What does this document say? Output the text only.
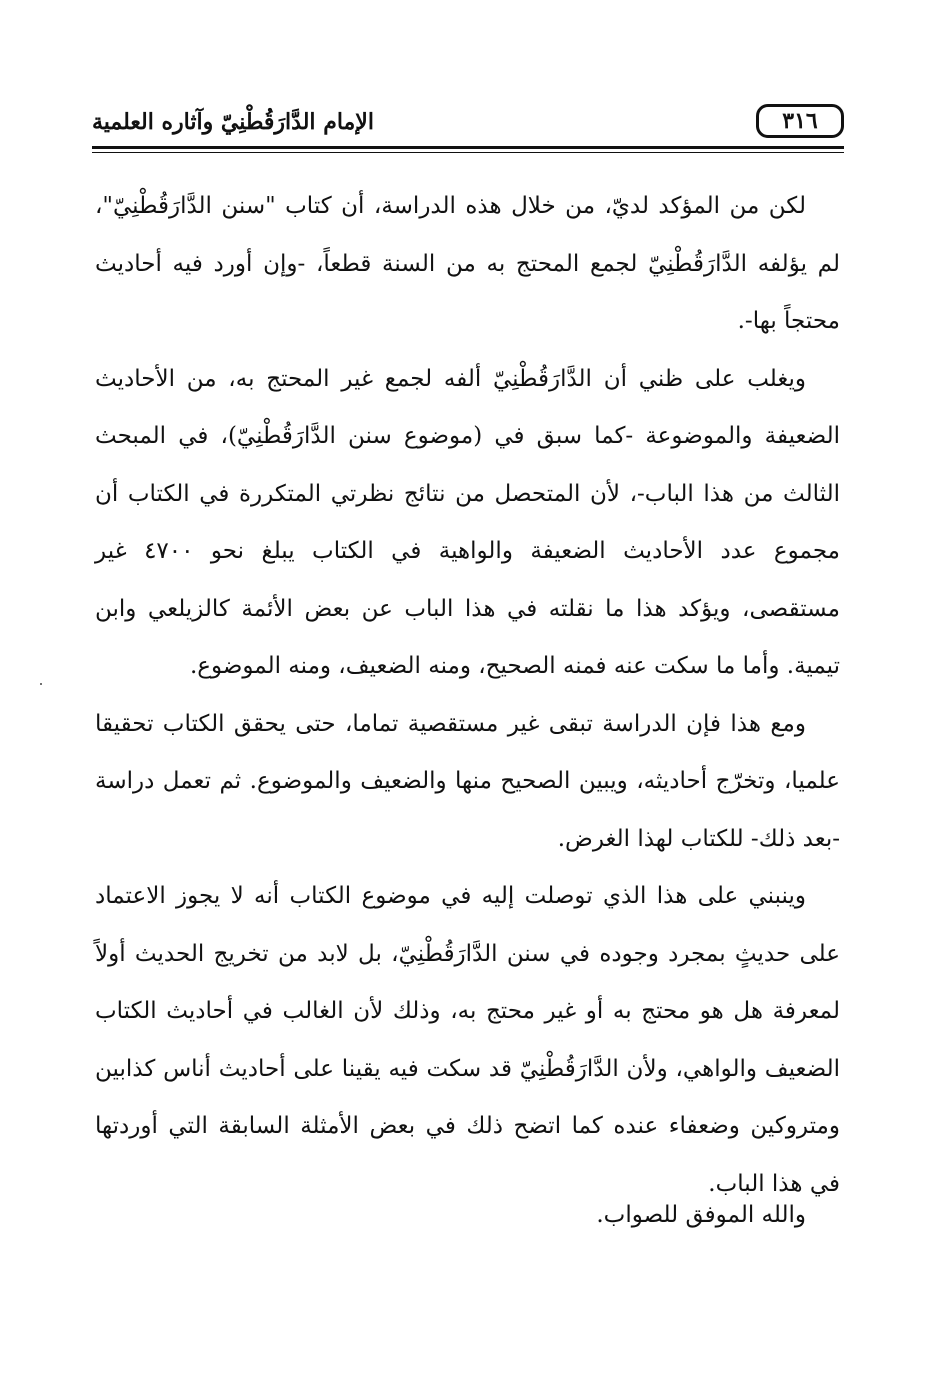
٣١٦
الإمام الدَّارَقُطْنِيّ وآثاره العلمية

لكن من المؤكد لديّ، من خلال هذه الدراسة، أن كتاب "سنن الدَّارَقُطْنِيّ"، لم يؤلفه الدَّارَقُطْنِيّ لجمع المحتج به من السنة قطعاً، -وإن أورد فيه أحاديث محتجاً بها-.

ويغلب على ظني أن الدَّارَقُطْنِيّ ألفه لجمع غير المحتج به، من الأحاديث الضعيفة والموضوعة -كما سبق في (موضوع سنن الدَّارَقُطْنِيّ)، في المبحث الثالث من هذا الباب-، لأن المتحصل من نتائج نظرتي المتكررة في الكتاب أن مجموع عدد الأحاديث الضعيفة والواهية في الكتاب يبلغ نحو ٤٧٠٠ غير مستقصى، ويؤكد هذا ما نقلته في هذا الباب عن بعض الأئمة كالزيلعي وابن تيمية. وأما ما سكت عنه فمنه الصحيح، ومنه الضعيف، ومنه الموضوع.

ومع هذا فإن الدراسة تبقى غير مستقصية تماما، حتى يحقق الكتاب تحقيقا علميا، وتخرّج أحاديثه، ويبين الصحيح منها والضعيف والموضوع. ثم تعمل دراسة -بعد ذلك- للكتاب لهذا الغرض.

وينبني على هذا الذي توصلت إليه في موضوع الكتاب أنه لا يجوز الاعتماد على حديثٍ بمجرد وجوده في سنن الدَّارَقُطْنِيّ، بل لابد من تخريج الحديث أولاً لمعرفة هل هو محتج به أو غير محتج به، وذلك لأن الغالب في أحاديث الكتاب الضعيف والواهي، ولأن الدَّارَقُطْنِيّ قد سكت فيه يقينا على أحاديث أناس كذابين ومتروكين وضعفاء عنده كما اتضح ذلك في بعض الأمثلة السابقة التي أوردتها في هذا الباب.

والله الموفق للصواب.
